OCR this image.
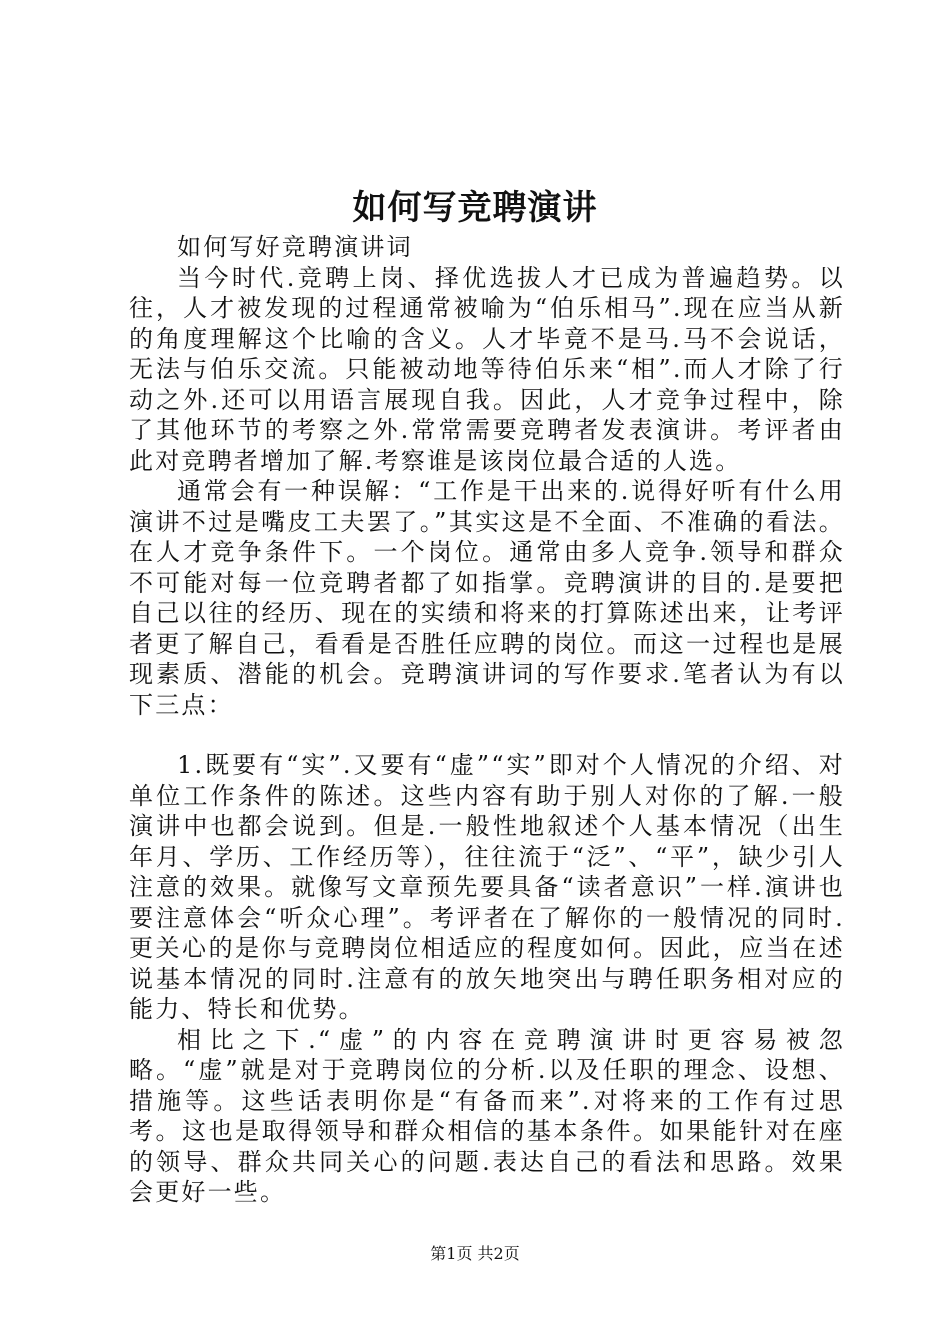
如何写竞聘演讲

如何写好竞聘演讲词

当今时代.竞聘上岗、择优选拔人才已成为普遍趋势。以往，人才被发现的过程通常被喻为“伯乐相马”.现在应当从新的角度理解这个比喻的含义。人才毕竟不是马.马不会说话，无法与伯乐交流。只能被动地等待伯乐来“相”.而人才除了行动之外.还可以用语言展现自我。因此，人才竞争过程中，除了其他环节的考察之外.常常需要竞聘者发表演讲。考评者由此对竞聘者增加了解.考察谁是该岗位最合适的人选。

通常会有一种误解：“工作是干出来的.说得好听有什么用演讲不过是嘴皮工夫罢了。”其实这是不全面、不准确的看法。在人才竞争条件下。一个岗位。通常由多人竞争.领导和群众不可能对每一位竞聘者都了如指掌。竞聘演讲的目的.是要把自己以往的经历、现在的实绩和将来的打算陈述出来，让考评者更了解自己，看看是否胜任应聘的岗位。而这一过程也是展现素质、潜能的机会。竞聘演讲词的写作要求.笔者认为有以下三点：

1.既要有“实”.又要有“虚”“实”即对个人情况的介绍、对单位工作条件的陈述。这些内容有助于别人对你的了解.一般演讲中也都会说到。但是.一般性地叙述个人基本情况（出生年月、学历、工作经历等），往往流于“泛”、“平”，缺少引人注意的效果。就像写文章预先要具备“读者意识”一样.演讲也要注意体会“听众心理”。考评者在了解你的一般情况的同时.更关心的是你与竞聘岗位相适应的程度如何。因此，应当在述说基本情况的同时.注意有的放矢地突出与聘任职务相对应的能力、特长和优势。

相比之下.“虚”的内容在竞聘演讲时更容易被忽略。“虚”就是对于竞聘岗位的分析.以及任职的理念、设想、措施等。这些话表明你是“有备而来”.对将来的工作有过思考。这也是取得领导和群众相信的基本条件。如果能针对在座的领导、群众共同关心的问题.表达自己的看法和思路。效果会更好一些。

第1页 共2页
